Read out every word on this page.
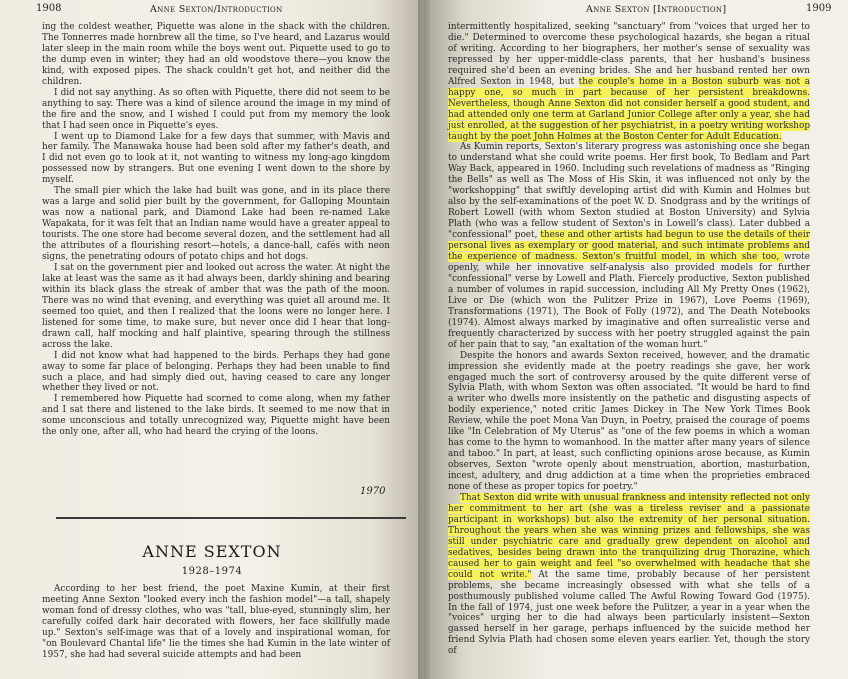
1908	Anne Sexton/Introduction

ing the coldest weather, Piquette was alone in the shack with the children. The Tonnerres made hornbrew all the time, so I've heard, and Lazarus would later sleep in the main room while the boys went out. Piquette used to go to the dump even in winter; they had an old woodstove there—you know the kind, with exposed pipes. The shack couldn't get hot, and neither did the children.

I did not say anything. As so often with Piquette, there did not seem to be anything to say. There was a kind of silence around the image in my mind of the fire and the snow, and I wished I could put from my memory the look that I had seen once in Piquette's eyes.

I went up to Diamond Lake for a few days that summer, with Mavis and her family. The Manawaka house had been sold after my father's death, and I did not even go to look at it, not wanting to witness my long-ago kingdom possessed now by strangers. But one evening I went down to the shore by myself.

The small pier which the lake had built was gone, and in its place there was a large and solid pier built by the government, for Galloping Mountain was now a national park, and Diamond Lake had been re-named Lake Wapakata, for it was felt that an Indian name would have a greater appeal to tourists. The one store had become several dozen, and the settlement had all the attributes of a flourishing resort—hotels, a dance-hall, cafés with neon signs, the penetrating odours of potato chips and hot dogs.

I sat on the government pier and looked out across the water. At night the lake at least was the same as it had always been, darkly shining and bearing within its black glass the streak of amber that was the path of the moon. There was no wind that evening, and everything was quiet all around me. It seemed too quiet, and then I realized that the loons were no longer here. I listened for some time, to make sure, but never once did I hear that long-drawn call, half mocking and half plaintive, spearing through the stillness across the lake.

I did not know what had happened to the birds. Perhaps they had gone away to some far place of belonging. Perhaps they had been unable to find such a place, and had simply died out, having ceased to care any longer whether they lived or not.

I remembered how Piquette had scorned to come along, when my father and I sat there and listened to the lake birds. It seemed to me now that in some unconscious and totally unrecognized way, Piquette might have been the only one, after all, who had heard the crying of the loons.

1970
ANNE SEXTON
1928–1974

According to her best friend, the poet Maxine Kumin, at their first meeting Anne Sexton "looked every inch the fashion model"—a tall, shapely woman fond of dressy clothes, who was "tall, blue-eyed, stunningly slim, her carefully coifed dark hair decorated with flowers, her face skillfully made up." Sexton's self-image was that of a lovely and inspirational woman, for "on Boulevard Chantal life" lie the times she had Kumin in the late winter of 1957, she had had several suicide attempts and had been

Anne Sexton [Introduction]	1909

intermittently hospitalized, seeking "sanctuary" from "voices that urged her to die." Determined to overcome these psychological hazards, she began a ritual of writing. According to her biographers, her mother's sense of sexuality was repressed by her upper-middle-class parents, that her husband's business required she'd been an evening brides. She and her husband rented her own Alfred Sexton in 1948, but the couple's home in a Boston suburb was not a happy one, so much in part because of her persistent breakdowns. Nevertheless, though Anne Sexton did not consider herself a good student, and had attended only one term at Garland Junior College after only a year, she had just enrolled, at the suggestion of her psychiatrist, in a poetry writing workshop taught by the poet John Holmes at the Boston Center for Adult Education.

As Kumin reports, Sexton's literary progress was astonishing once she began to understand what she could write poems. Her first book, To Bedlam and Part Way Back, appeared in 1960. Including such revelations of madness as "Ringing the Bells" as well as The Moss of His Skin, it was influenced not only by the "workshopping" that swiftly developing artist did with Kumin and Holmes but also by the self-examinations of the poet W. D. Snodgrass and by the writings of Robert Lowell (with whom Sexton studied at Boston University) and Sylvia Plath (who was a fellow student of Sexton's in Lowell's class). Later dubbed a "confessional" poet, these and other artists had begun to use the details of their personal lives as exemplary or good material, and such intimate problems and the experience of madness. Sexton's fruitful model, in which she too, wrote openly, while her innovative self-analysis also provided models for further "confessional" verse by Lowell and Plath. Fiercely productive, Sexton published a number of volumes in rapid succession, including All My Pretty Ones (1962), Live or Die (which won the Pulitzer Prize in 1967), Love Poems (1969), Transformations (1971), The Book of Folly (1972), and The Death Notebooks (1974). Almost always marked by imaginative and often surrealistic verse and frequently characterized by success with her poetry struggled against the pain of her pain that to say, "an exaltation of the woman hurt."

Despite the honors and awards Sexton received, however, and the dramatic impression she evidently made at the poetry readings she gave, her work engaged much the sort of controversy aroused by the quite different verse of Sylvia Plath, with whom Sexton was often associated. "It would be hard to find a writer who dwells more insistently on the pathetic and disgusting aspects of bodily experience," noted critic James Dickey in The New York Times Book Review, while the poet Mona Van Duyn, in Poetry, praised the courage of poems like "In Celebration of My Uterus" as "one of the few poems in which a woman has come to the hymn to womanhood. In the matter after many years of silence and taboo." In part, at least, such conflicting opinions arose because, as Kumin observes, Sexton "wrote openly about menstruation, abortion, masturbation, incest, adultery, and drug addiction at a time when the proprieties embraced none of these as proper topics for poetry."

That Sexton did write with unusual frankness and intensity reflected not only her commitment to her art (she was a tireless reviser and a passionate participant in workshops) but also the extremity of her personal situation. Throughout the years when she was winning prizes and fellowships, she was still under psychiatric care and gradually grew dependent on alcohol and sedatives, besides being drawn into the tranquilizing drug Thorazine, which caused her to gain weight and feel "so overwhelmed with headache that she could not write." At the same time, probably because of her persistent problems, she became increasingly obsessed with what she tells of a posthumously published volume called The Awful Rowing Toward God (1975). In the fall of 1974, just one week before the Pulitzer, a year in a year when the "voices" urging her to die had always been particularly insistent—Sexton gassed herself in her garage, perhaps influenced by the suicide method her friend Sylvia Plath had chosen some eleven years earlier. Yet, though the story of
